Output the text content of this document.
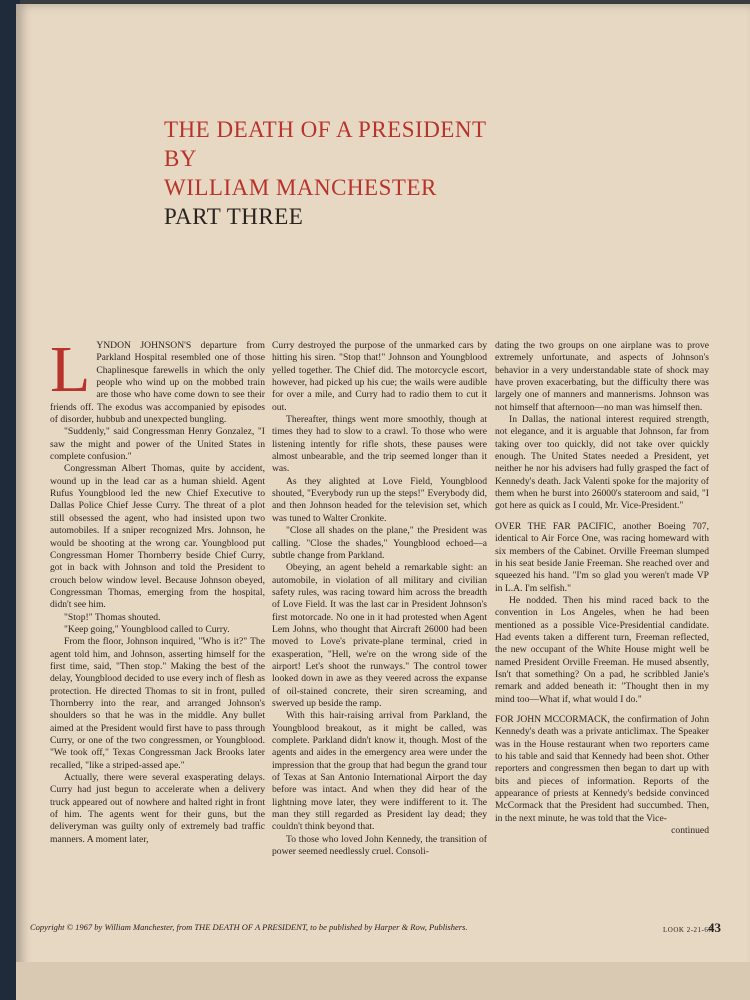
THE DEATH OF A PRESIDENT
BY
WILLIAM MANCHESTER
PART THREE

LYNDON JOHNSON'S departure from Parkland Hospital resembled one of those Chaplinesque farewells in which the only people who wind up on the mobbed train are those who have come down to see their friends off. The exodus was accompanied by episodes of disorder, hubbub and unexpected bungling.

"Suddenly," said Congressman Henry Gonzalez, "I saw the might and power of the United States in complete confusion."

Congressman Albert Thomas, quite by accident, wound up in the lead car as a human shield. Agent Rufus Youngblood led the new Chief Executive to Dallas Police Chief Jesse Curry. The threat of a plot still obsessed the agent, who had insisted upon two automobiles. If a sniper recognized Mrs. Johnson, he would be shooting at the wrong car. Youngblood put Congressman Homer Thornberry beside Chief Curry, got in back with Johnson and told the President to crouch below window level. Because Johnson obeyed, Congressman Thomas, emerging from the hospital, didn't see him.

"Stop!" Thomas shouted.

"Keep going," Youngblood called to Curry.

From the floor, Johnson inquired, "Who is it?" The agent told him, and Johnson, asserting himself for the first time, said, "Then stop." Making the best of the delay, Youngblood decided to use every inch of flesh as protection. He directed Thomas to sit in front, pulled Thornberry into the rear, and arranged Johnson's shoulders so that he was in the middle. Any bullet aimed at the President would first have to pass through Curry, or one of the two congressmen, or Youngblood. "We took off," Texas Congressman Jack Brooks later recalled, "like a striped-assed ape."

Actually, there were several exasperating delays. Curry had just begun to accelerate when a delivery truck appeared out of nowhere and halted right in front of him. The agents went for their guns, but the deliveryman was guilty only of extremely bad traffic manners. A moment later,

Curry destroyed the purpose of the unmarked cars by hitting his siren. "Stop that!" Johnson and Youngblood yelled together. The Chief did. The motorcycle escort, however, had picked up his cue; the wails were audible for over a mile, and Curry had to radio them to cut it out.

Thereafter, things went more smoothly, though at times they had to slow to a crawl. To those who were listening intently for rifle shots, these pauses were almost unbearable, and the trip seemed longer than it was.

As they alighted at Love Field, Youngblood shouted, "Everybody run up the steps!" Everybody did, and then Johnson headed for the television set, which was tuned to Walter Cronkite.

"Close all shades on the plane," the President was calling. "Close the shades," Youngblood echoed—a subtle change from Parkland.

Obeying, an agent beheld a remarkable sight: an automobile, in violation of all military and civilian safety rules, was racing toward him across the breadth of Love Field. It was the last car in President Johnson's first motorcade. No one in it had protested when Agent Lem Johns, who thought that Aircraft 26000 had been moved to Love's private-plane terminal, cried in exasperation, "Hell, we're on the wrong side of the airport! Let's shoot the runways." The control tower looked down in awe as they veered across the expanse of oil-stained concrete, their siren screaming, and swerved up beside the ramp.

With this hair-raising arrival from Parkland, the Youngblood breakout, as it might be called, was complete. Parkland didn't know it, though. Most of the agents and aides in the emergency area were under the impression that the group that had begun the grand tour of Texas at San Antonio International Airport the day before was intact. And when they did hear of the lightning move later, they were indifferent to it. The man they still regarded as President lay dead; they couldn't think beyond that.

To those who loved John Kennedy, the transition of power seemed needlessly cruel. Consoli-

dating the two groups on one airplane was to prove extremely unfortunate, and aspects of Johnson's behavior in a very understandable state of shock may have proven exacerbating, but the difficulty there was largely one of manners and mannerisms. Johnson was not himself that afternoon—no man was himself then.

In Dallas, the national interest required strength, not elegance, and it is arguable that Johnson, far from taking over too quickly, did not take over quickly enough. The United States needed a President, yet neither he nor his advisers had fully grasped the fact of Kennedy's death. Jack Valenti spoke for the majority of them when he burst into 26000's stateroom and said, "I got here as quick as I could, Mr. Vice-President."

OVER THE FAR PACIFIC, another Boeing 707, identical to Air Force One, was racing homeward with six members of the Cabinet. Orville Freeman slumped in his seat beside Janie Freeman. She reached over and squeezed his hand. "I'm so glad you weren't made VP in L.A. I'm selfish."

He nodded. Then his mind raced back to the convention in Los Angeles, when he had been mentioned as a possible Vice-Presidential candidate. Had events taken a different turn, Freeman reflected, the new occupant of the White House might well be named President Orville Freeman. He mused absently, Isn't that something? On a pad, he scribbled Janie's remark and added beneath it: "Thought then in my mind too—What if, what would I do."

FOR JOHN MCCORMACK, the confirmation of John Kennedy's death was a private anticlimax. The Speaker was in the House restaurant when two reporters came to his table and said that Kennedy had been shot. Other reporters and congressmen then began to dart up with bits and pieces of information. Reports of the appearance of priests at Kennedy's bedside convinced McCormack that the President had succumbed. Then, in the next minute, he was told that the Vice-

continued

Copyright © 1967 by William Manchester, from THE DEATH OF A PRESIDENT, to be published by Harper & Row, Publishers.	LOOK 2-21-67
43
